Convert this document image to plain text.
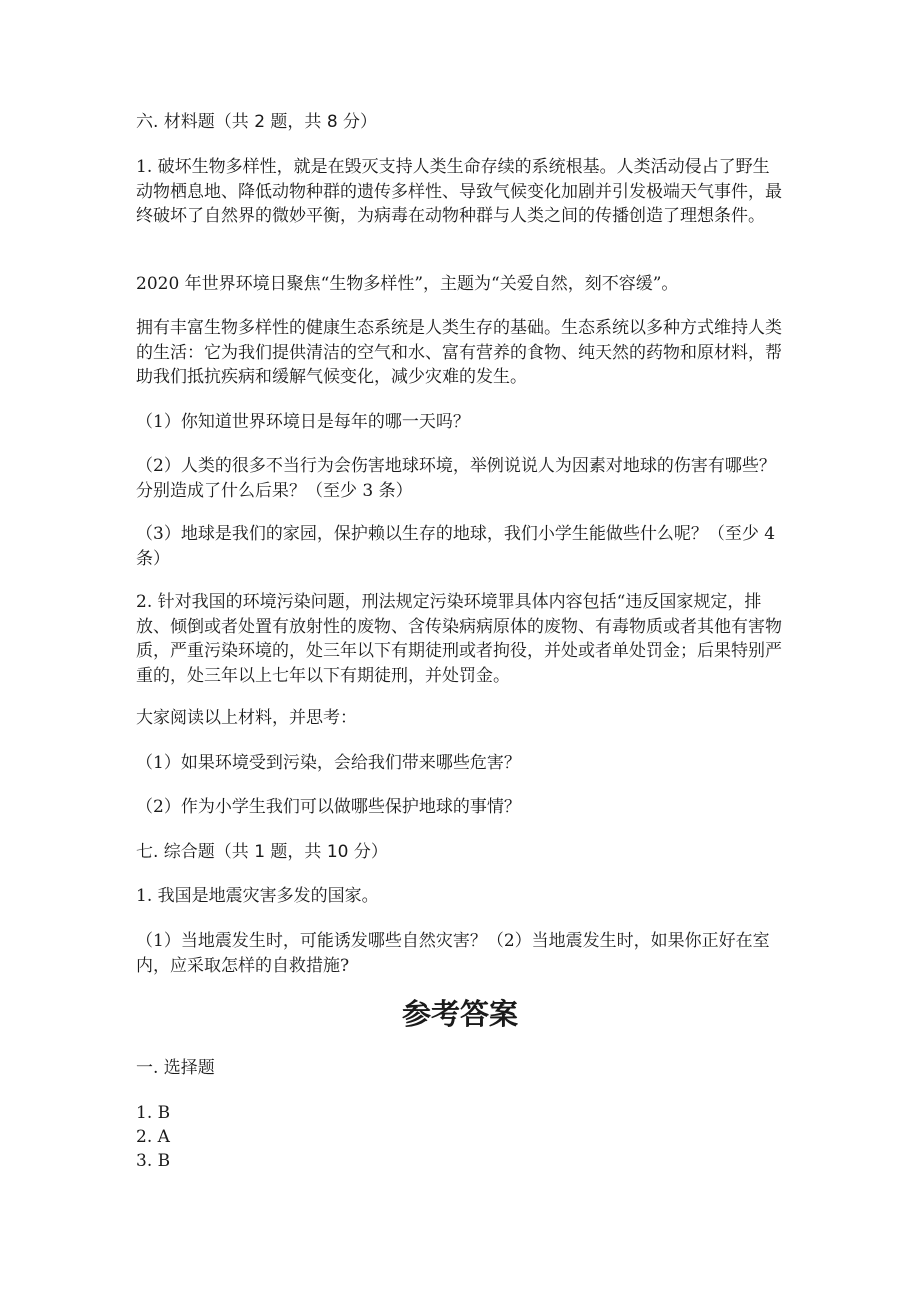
六. 材料题（共 2 题，共 8 分）

1. 破坏生物多样性，就是在毁灭支持人类生命存续的系统根基。人类活动侵占了野生动物栖息地、降低动物种群的遗传多样性、导致气候变化加剧并引发极端天气事件，最终破坏了自然界的微妙平衡，为病毒在动物种群与人类之间的传播创造了理想条件。

2020 年世界环境日聚焦“生物多样性”，主题为“关爱自然，刻不容缓”。

拥有丰富生物多样性的健康生态系统是人类生存的基础。生态系统以多种方式维持人类的生活：它为我们提供清洁的空气和水、富有营养的食物、纯天然的药物和原材料，帮助我们抵抗疾病和缓解气候变化，减少灾难的发生。

（1）你知道世界环境日是每年的哪一天吗？

（2）人类的很多不当行为会伤害地球环境，举例说说人为因素对地球的伤害有哪些？分别造成了什么后果？（至少 3 条）

（3）地球是我们的家园，保护赖以生存的地球，我们小学生能做些什么呢？（至少 4 条）

2. 针对我国的环境污染问题，刑法规定污染环境罪具体内容包括“违反国家规定，排放、倾倒或者处置有放射性的废物、含传染病病原体的废物、有毒物质或者其他有害物质，严重污染环境的，处三年以下有期徒刑或者拘役，并处或者单处罚金；后果特别严重的，处三年以上七年以下有期徒刑，并处罚金。

大家阅读以上材料，并思考：

（1）如果环境受到污染，会给我们带来哪些危害？

（2）作为小学生我们可以做哪些保护地球的事情？

七. 综合题（共 1 题，共 10 分）

1. 我国是地震灾害多发的国家。

（1）当地震发生时，可能诱发哪些自然灾害？（2）当地震发生时，如果你正好在室内，应采取怎样的自救措施?

参考答案

一. 选择题

1. B

2. A

3. B
